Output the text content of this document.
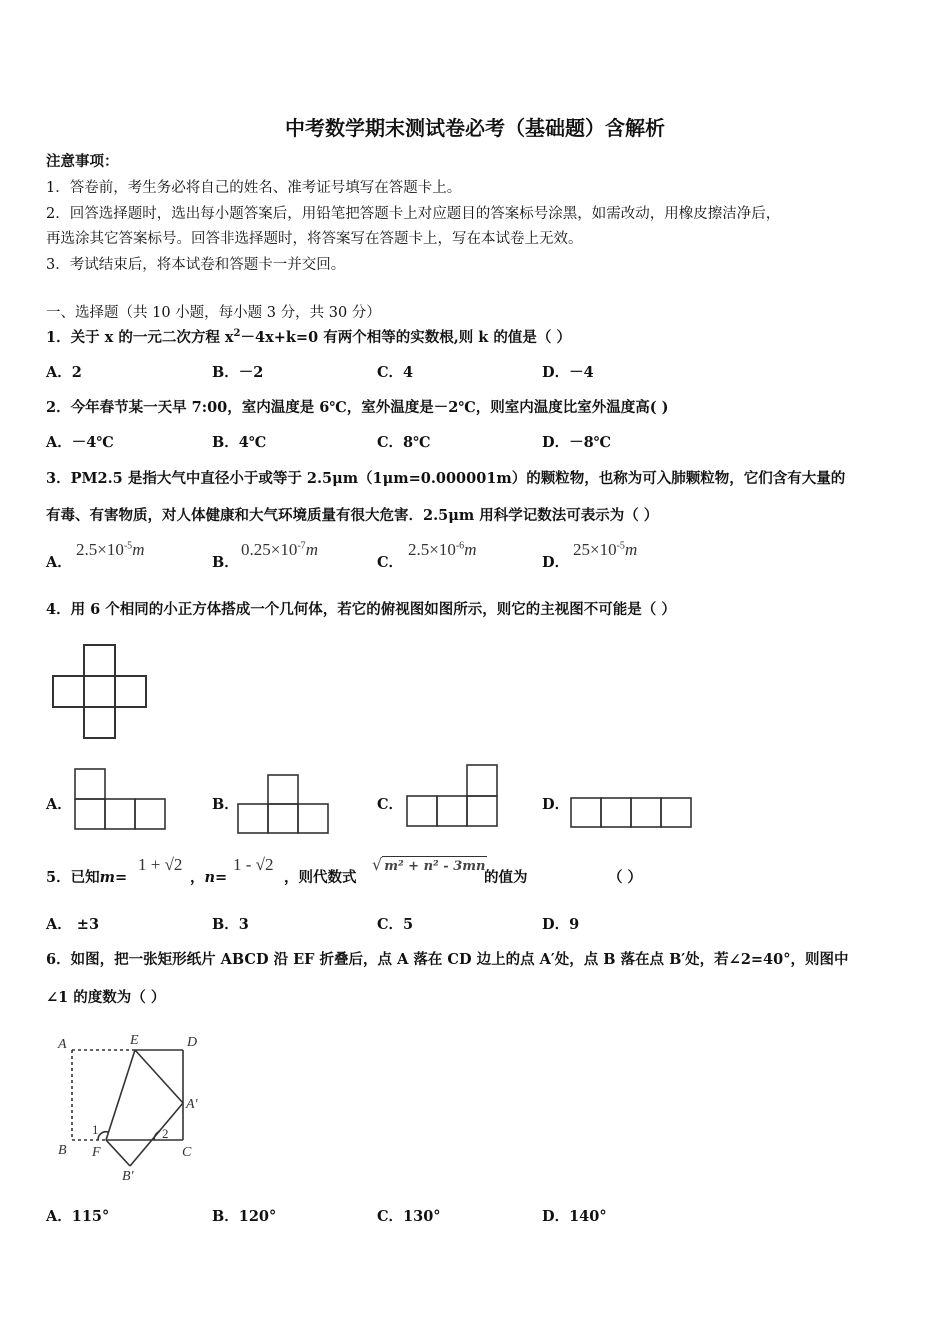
中考数学期末测试卷必考（基础题）含解析
注意事项：
1．答卷前，考生务必将自己的姓名、准考证号填写在答题卡上。
2．回答选择题时，选出每小题答案后，用铅笔把答题卡上对应题目的答案标号涂黑，如需改动，用橡皮擦洁净后，
再选涂其它答案标号。回答非选择题时，将答案写在答题卡上，写在本试卷上无效。
3．考试结束后，将本试卷和答题卡一并交回。
一、选择题（共 10 小题，每小题 3 分，共 30 分）
1．关于 x 的一元二次方程 $x^2-4x+k=0$ 有两个相等的实数根,则 k 的值是（ ）
A．2	B．－2	C．4	D．－4
2．今年春节某一天早 7:00，室内温度是 6℃，室外温度是－2℃，则室内温度比室外温度高( )
A．－4℃	B．4℃	C．8℃	D．－8℃
3．PM2.5 是指大气中直径小于或等于 2.5μm（1μm=0.000001m）的颗粒物，也称为可入肺颗粒物，它们含有大量的
有毒、有害物质，对人体健康和大气环境质量有很大危害．2.5μm 用科学记数法可表示为（ ）
A．
$2.5\times 10^{-5}m$
B．
$0.25\times 10^{-7}m$
C．
$2.5\times 10^{-6}m$
D．
$25\times 10^{-5}m$
4．用 6 个相同的小正方体搭成一个几何体，若它的俯视图如图所示，则它的主视图不可能是（ ）
A．	B．	C．	D．
5．已知m=
1 + √2
，n=
1 - √2
，则代数式
√ m² + n² - 3mn
的值为	（ ）
A． ±3	B．3	C．5	D．9
6．如图，把一张矩形纸片 ABCD 沿 EF 折叠后，点 A 落在 CD 边上的点 A′处，点 B 落在点 B′处，若∠2=40°，则图中
∠1 的度数为（ ）
A	E	D
A'
B F	C
B'
1	2
A．115°	B．120°	C．130°	D．140°
